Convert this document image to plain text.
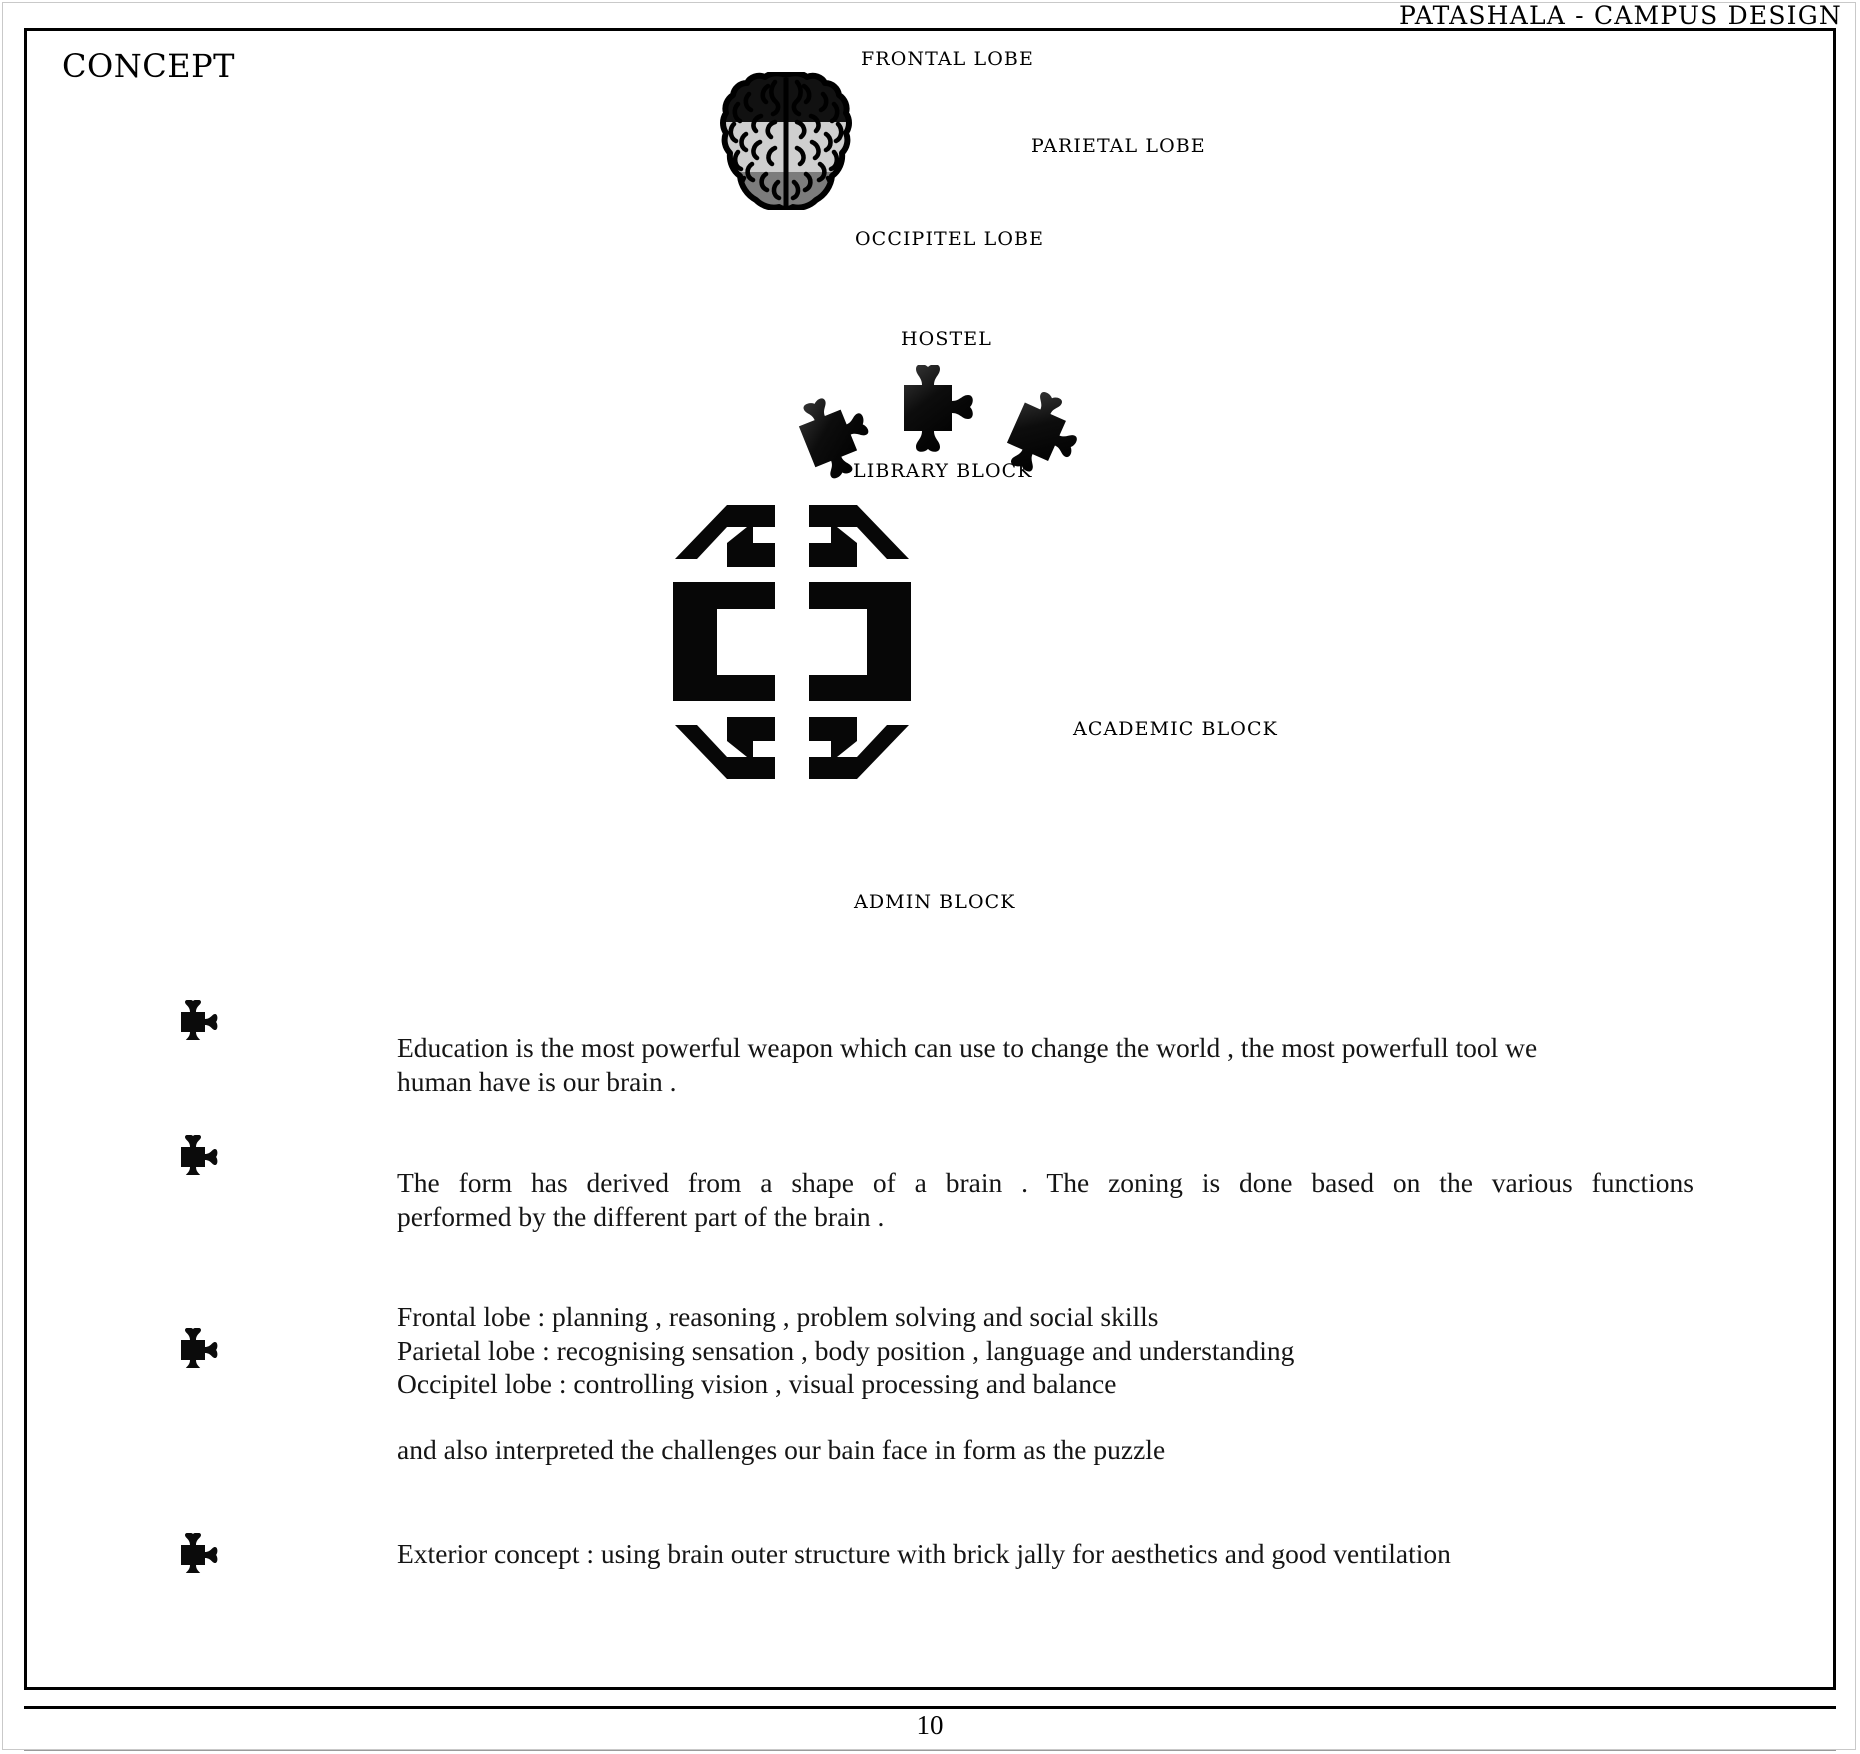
PATASHALA - CAMPUS DESIGN
10
CONCEPT	FRONTAL LOBE
PARIETAL LOBE
OCCIPITEL LOBE
HOSTEL
LIBRARY BLOCK
ACADEMIC BLOCK
ADMIN BLOCK
Education is the most powerful weapon which can use to change the world , the most powerfull tool we
human have is our brain .
The form has derived from a shape of a brain . The zoning is done based on the various functions
performed by the different part of the brain .
Frontal lobe : planning , reasoning , problem solving and social skills
Parietal lobe : recognising sensation , body position , language and understanding
Occipitel lobe : controlling vision , visual processing and balance
and also interpreted the challenges our bain face in form as the puzzle
Exterior concept : using brain outer structure with brick jally for aesthetics and good ventilation
